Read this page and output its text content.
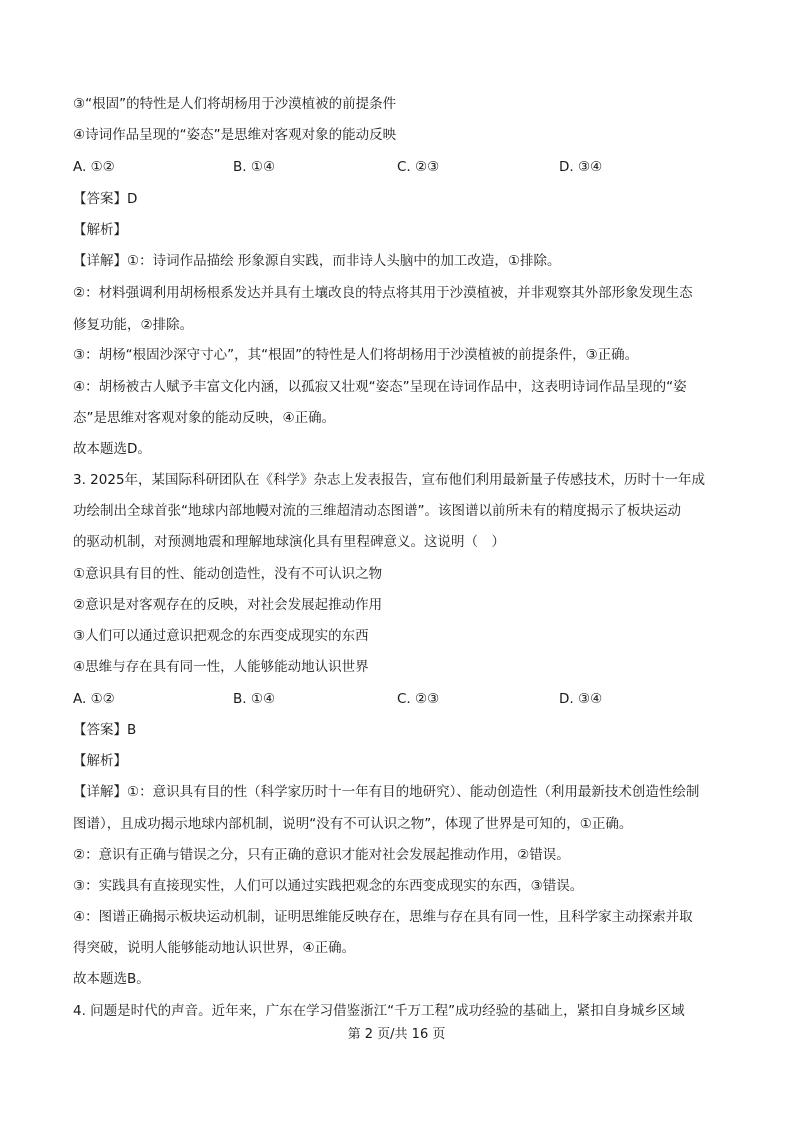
③“根固”的特性是人们将胡杨用于沙漠植被的前提条件
④诗词作品呈现的“姿态”是思维对客观对象的能动反映
A. ①②	B. ①④	C. ②③	D. ③④
【答案】D
【解析】
【详解】①：诗词作品描绘 形象源自实践，而非诗人头脑中的加工改造，①排除。
②：材料强调利用胡杨根系发达并具有土壤改良的特点将其用于沙漠植被，并非观察其外部形象发现生态
修复功能，②排除。
③：胡杨“根固沙深守寸心”，其“根固”的特性是人们将胡杨用于沙漠植被的前提条件，③正确。
④：胡杨被古人赋予丰富文化内涵，以孤寂又壮观“姿态”呈现在诗词作品中，这表明诗词作品呈现的“姿
态”是思维对客观对象的能动反映，④正确。
故本题选D。
3. 2025年，某国际科研团队在《科学》杂志上发表报告，宣布他们利用最新量子传感技术，历时十一年成
功绘制出全球首张“地球内部地幔对流的三维超清动态图谱”。该图谱以前所未有的精度揭示了板块运动
的驱动机制，对预测地震和理解地球演化具有里程碑意义。这说明（　）
①意识具有目的性、能动创造性，没有不可认识之物
②意识是对客观存在的反映，对社会发展起推动作用
③人们可以通过意识把观念的东西变成现实的东西
④思维与存在具有同一性，人能够能动地认识世界
A. ①②	B. ①④	C. ②③	D. ③④
【答案】B
【解析】
【详解】①：意识具有目的性（科学家历时十一年有目的地研究）、能动创造性（利用最新技术创造性绘制
图谱），且成功揭示地球内部机制，说明“没有不可认识之物”，体现了世界是可知的，①正确。
②：意识有正确与错误之分，只有正确的意识才能对社会发展起推动作用，②错误。
③：实践具有直接现实性，人们可以通过实践把观念的东西变成现实的东西，③错误。
④：图谱正确揭示板块运动机制，证明思维能反映存在，思维与存在具有同一性，且科学家主动探索并取
得突破，说明人能够能动地认识世界，④正确。
故本题选B。
4. 问题是时代的声音。近年来，广东在学习借鉴浙江“千万工程”成功经验的基础上，紧扣自身城乡区域
第 2 页/共 16 页
